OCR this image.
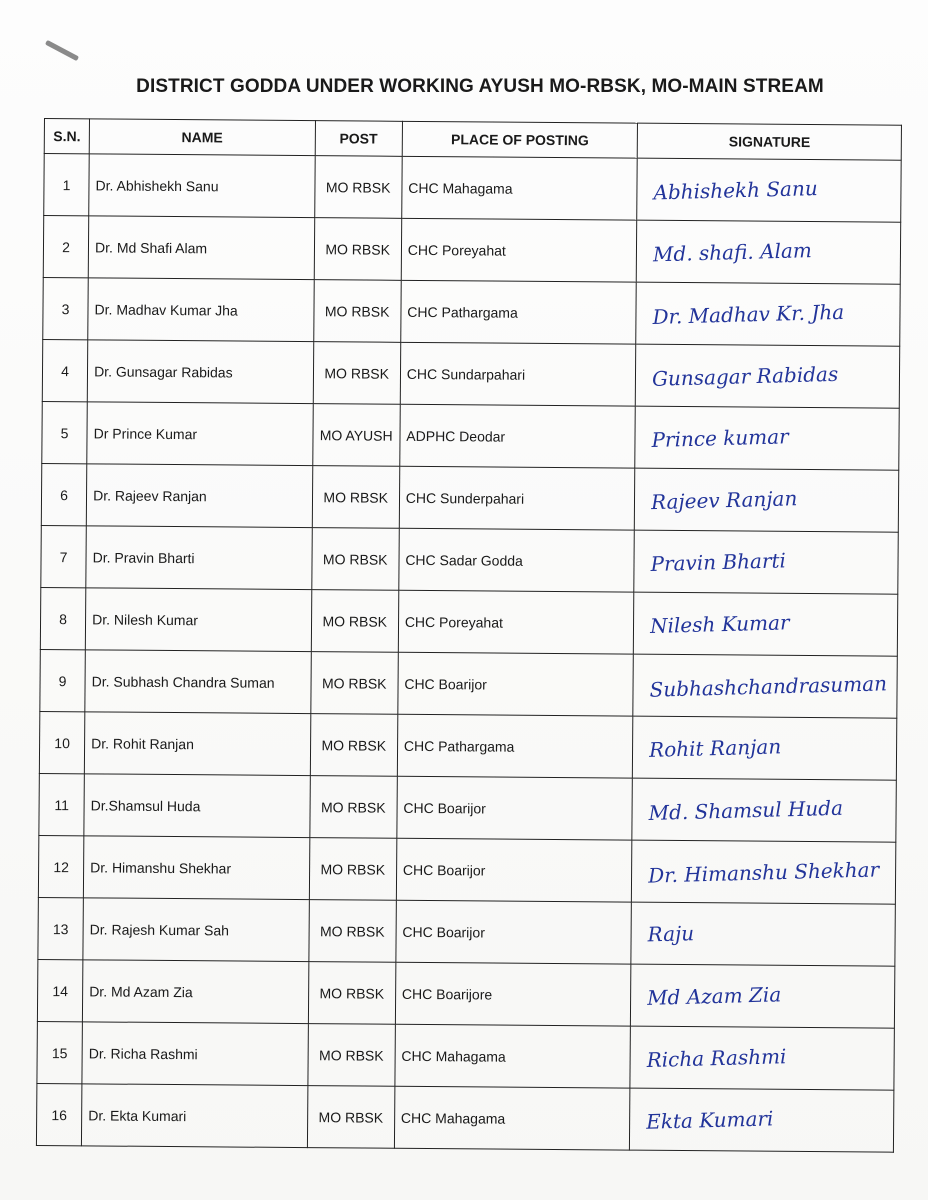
DISTRICT GODDA UNDER WORKING AYUSH MO-RBSK, MO-MAIN STREAM
S.N.	NAME	POST	PLACE OF POSTING	SIGNATURE
1	Dr. Abhishekh Sanu	MO RBSK	CHC Mahagama	Abhishekh Sanu
2	Dr. Md Shafi Alam	MO RBSK	CHC Poreyahat	Md. shafi. Alam
3	Dr. Madhav Kumar Jha	MO RBSK	CHC Pathargama	Dr. Madhav Kr. Jha
4	Dr. Gunsagar Rabidas	MO RBSK	CHC Sundarpahari	Gunsagar Rabidas
5	Dr Prince Kumar	MO AYUSH	ADPHC Deodar	Prince kumar
6	Dr. Rajeev Ranjan	MO RBSK	CHC Sunderpahari	Rajeev Ranjan
7	Dr. Pravin Bharti	MO RBSK	CHC Sadar Godda	Pravin Bharti
8	Dr. Nilesh Kumar	MO RBSK	CHC Poreyahat	Nilesh Kumar
9	Dr. Subhash Chandra Suman	MO RBSK	CHC Boarijor	Subhashchandrasuman
10	Dr. Rohit Ranjan	MO RBSK	CHC Pathargama	Rohit Ranjan
11	Dr.Shamsul Huda	MO RBSK	CHC Boarijor	Md. Shamsul Huda
12	Dr. Himanshu Shekhar	MO RBSK	CHC Boarijor	Dr. Himanshu Shekhar
13	Dr. Rajesh Kumar Sah	MO RBSK	CHC Boarijor	Raju
14	Dr. Md Azam Zia	MO RBSK	CHC Boarijore	Md Azam Zia
15	Dr. Richa Rashmi	MO RBSK	CHC Mahagama	Richa Rashmi
16	Dr. Ekta Kumari	MO RBSK	CHC Mahagama	Ekta Kumari
